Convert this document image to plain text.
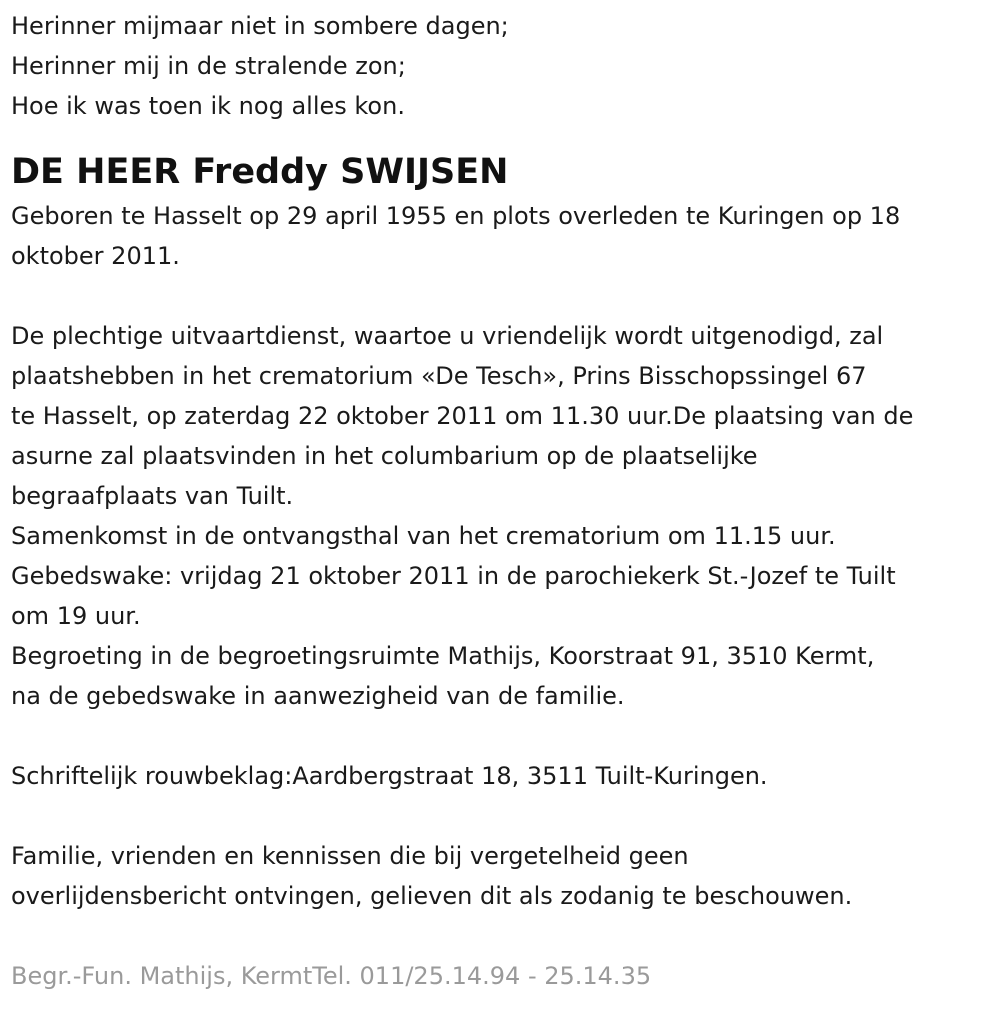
Herinner mijmaar niet in sombere dagen;

Herinner mij in de stralende zon;

Hoe ik was toen ik nog alles kon.

DE HEER Freddy SWIJSEN

Geboren te Hasselt op 29 april 1955 en plots overleden te Kuringen op 18

oktober 2011.

De plechtige uitvaartdienst, waartoe u vriendelijk wordt uitgenodigd, zal

plaatshebben in het crematorium «De Tesch», Prins Bisschopssingel 67

te Hasselt, op zaterdag 22 oktober 2011 om 11.30 uur.De plaatsing van de

asurne zal plaatsvinden in het columbarium op de plaatselijke

begraafplaats van Tuilt.

Samenkomst in de ontvangsthal van het crematorium om 11.15 uur.

Gebedswake: vrijdag 21 oktober 2011 in de parochiekerk St.-Jozef te Tuilt

om 19 uur.

Begroeting in de begroetingsruimte Mathijs, Koorstraat 91, 3510 Kermt,

na de gebedswake in aanwezigheid van de familie.

Schriftelijk rouwbeklag:Aardbergstraat 18, 3511 Tuilt-Kuringen.

Familie, vrienden en kennissen die bij vergetelheid geen

overlijdensbericht ontvingen, gelieven dit als zodanig te beschouwen.

Begr.-Fun. Mathijs, KermtTel. 011/25.14.94 - 25.14.35
